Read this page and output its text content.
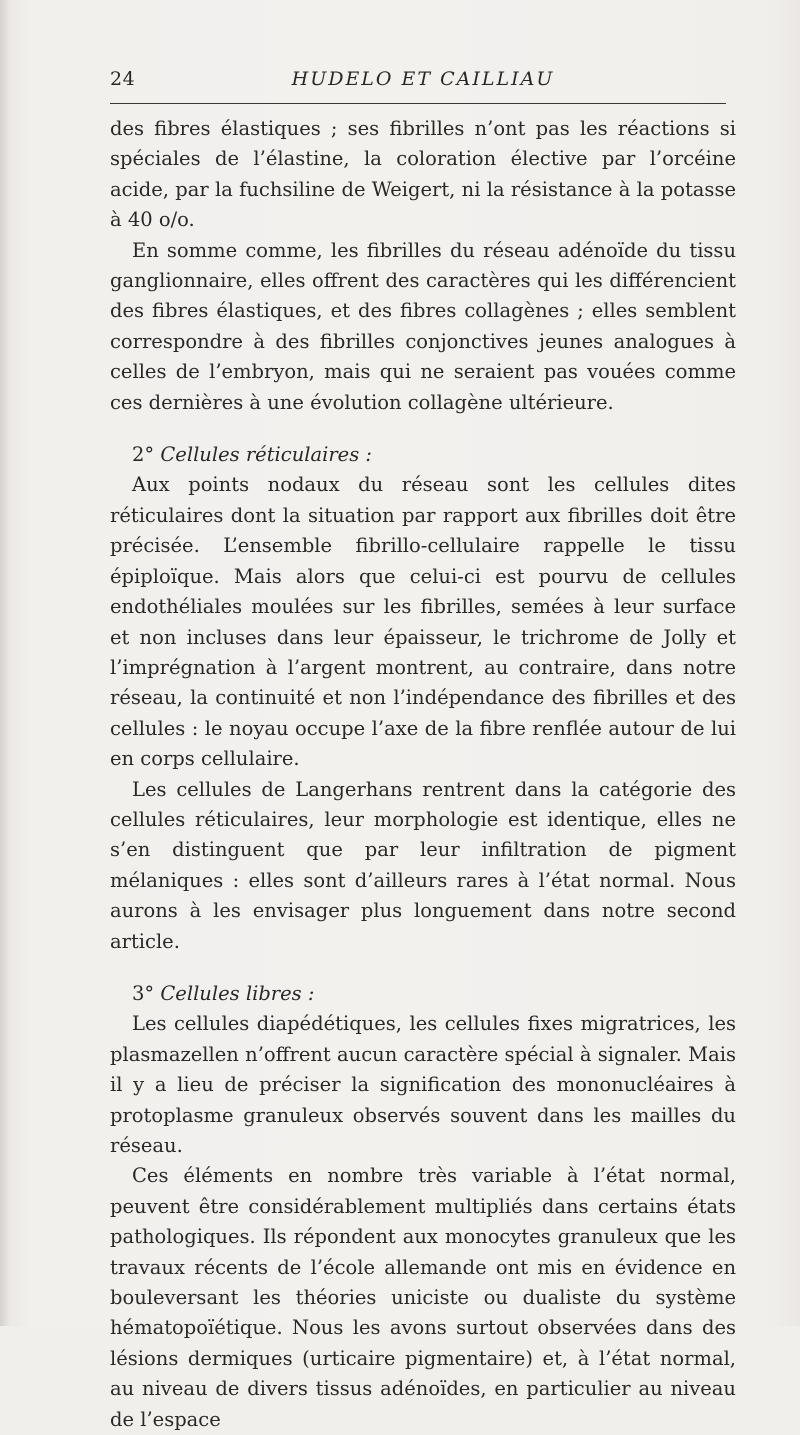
24	HUDELO ET CAILLIAU

des fibres élastiques ; ses fibrilles n’ont pas les réactions si spéciales de l’élastine, la coloration élective par l’orcéine acide, par la fuchsiline de Weigert, ni la résistance à la potasse à 40 o/o.

En somme comme, les fibrilles du réseau adénoïde du tissu ganglionnaire, elles offrent des caractères qui les différencient des fibres élastiques, et des fibres collagènes ; elles semblent correspondre à des fibrilles conjonctives jeunes analogues à celles de l’embryon, mais qui ne seraient pas vouées comme ces dernières à une évolution collagène ultérieure.

2° Cellules réticulaires :

Aux points nodaux du réseau sont les cellules dites réticulaires dont la situation par rapport aux fibrilles doit être précisée. L’ensemble fibrillo-cellulaire rappelle le tissu épiploïque. Mais alors que celui-ci est pourvu de cellules endothéliales moulées sur les fibrilles, semées à leur surface et non incluses dans leur épaisseur, le trichrome de Jolly et l’imprégnation à l’argent montrent, au contraire, dans notre réseau, la continuité et non l’indépendance des fibrilles et des cellules : le noyau occupe l’axe de la fibre renflée autour de lui en corps cellulaire.

Les cellules de Langerhans rentrent dans la catégorie des cellules réticulaires, leur morphologie est identique, elles ne s’en distinguent que par leur infiltration de pigment mélaniques : elles sont d’ailleurs rares à l’état normal. Nous aurons à les envisager plus longuement dans notre second article.

3° Cellules libres :

Les cellules diapédétiques, les cellules fixes migratrices, les plasmazellen n’offrent aucun caractère spécial à signaler. Mais il y a lieu de préciser la signification des mononucléaires à protoplasme granuleux observés souvent dans les mailles du réseau.

Ces éléments en nombre très variable à l’état normal, peuvent être considérablement multipliés dans certains états pathologiques. Ils répondent aux monocytes granuleux que les travaux récents de l’école allemande ont mis en évidence en bouleversant les théories uniciste ou dualiste du système hématopoïétique. Nous les avons surtout observées dans des lésions dermiques (urticaire pigmentaire) et, à l’état normal, au niveau de divers tissus adénoïdes, en particulier au niveau de l’espace
